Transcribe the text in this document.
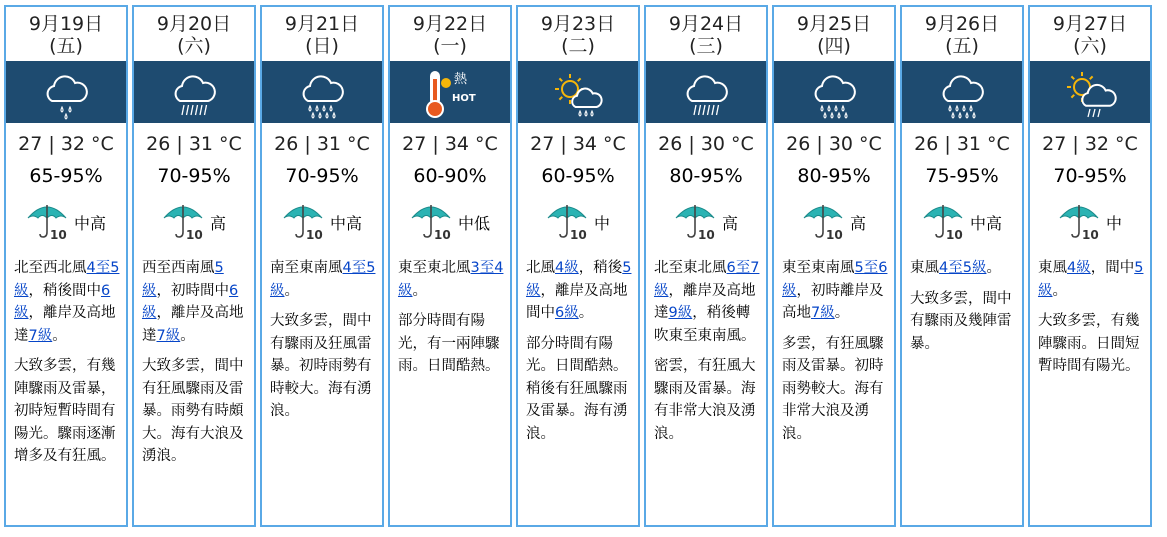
9月19日
(五)
27 | 32 °C
65-95%
10
中高
北至西北風4至5級，稍後間中6級，離岸及高地達7級。
大致多雲，有幾陣驟雨及雷暴，初時短暫時間有陽光。驟雨逐漸增多及有狂風。
9月20日
(六)
26 | 31 °C
70-95%
10
高
西至西南風5級，初時間中6級，離岸及高地達7級。
大致多雲，間中有狂風驟雨及雷暴。雨勢有時頗大。海有大浪及湧浪。
9月21日
(日)
26 | 31 °C
70-95%
10
中高
南至東南風4至5級。
大致多雲，間中有驟雨及狂風雷暴。初時雨勢有時較大。海有湧浪。
9月22日
(一)
熱
HOT
27 | 34 °C
60-90%
10
中低
東至東北風3至4級。
部分時間有陽光，有一兩陣驟雨。日間酷熱。
9月23日
(二)
27 | 34 °C
60-95%
10
中
北風4級，稍後5級，離岸及高地間中6級。
部分時間有陽光。日間酷熱。稍後有狂風驟雨及雷暴。海有湧浪。
9月24日
(三)
26 | 30 °C
80-95%
10
高
北至東北風6至7級，離岸及高地達9級，稍後轉吹東至東南風。
密雲，有狂風大驟雨及雷暴。海有非常大浪及湧浪。
9月25日
(四)
26 | 30 °C
80-95%
10
高
東至東南風5至6級，初時離岸及高地7級。
多雲，有狂風驟雨及雷暴。初時雨勢較大。海有非常大浪及湧浪。
9月26日
(五)
26 | 31 °C
75-95%
10
中高
東風4至5級。
大致多雲，間中有驟雨及幾陣雷暴。
9月27日
(六)
27 | 32 °C
70-95%
10
中
東風4級，間中5級。
大致多雲，有幾陣驟雨。日間短暫時間有陽光。
